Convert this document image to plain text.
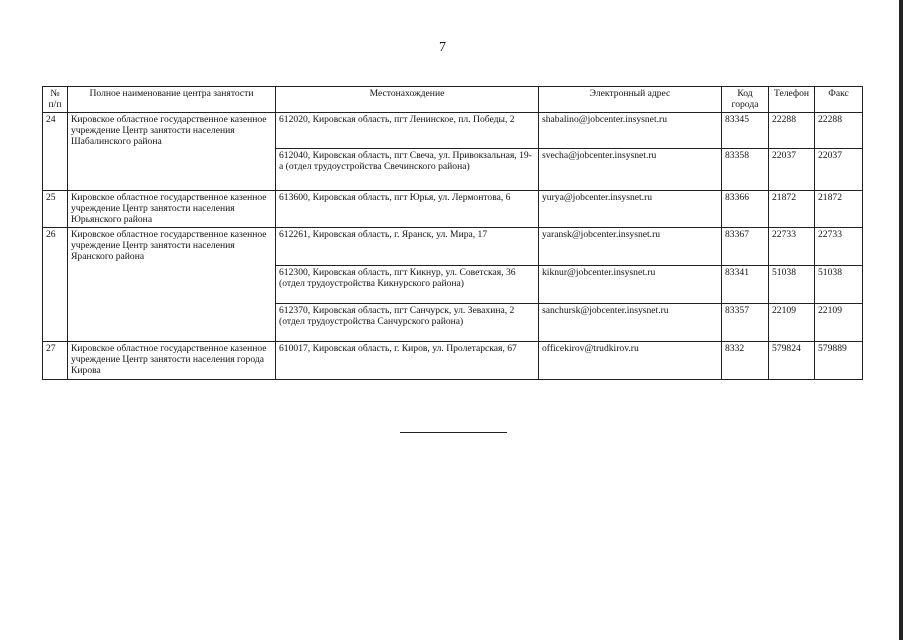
7
№ п/п	Полное наименование центра занятости	Местонахождение	Электронный адрес	Код города	Телефон	Факс
24	Кировское областное государственное казенное учреждение Центр занятости населения Шабалинского района	612020, Кировская область, пгт Ленинское, пл. Победы, 2	shabalino@jobcenter.insysnet.ru	83345	22288	22288
		612040, Кировская область, пгт Свеча, ул. Привокзальная, 19-а (отдел трудоустройства Свечинского района)	svecha@jobcenter.insysnet.ru	83358	22037	22037
25	Кировское областное государственное казенное учреждение Центр занятости населения Юрьянского района	613600, Кировская область, пгт Юрья, ул. Лермонтова, 6	yurya@jobcenter.insysnet.ru	83366	21872	21872
26	Кировское областное государственное казенное учреждение Центр занятости населения Яранского района	612261, Кировская область, г. Яранск, ул. Мира, 17	yaransk@jobcenter.insysnet.ru	83367	22733	22733
		612300, Кировская область, пгт Кикнур, ул. Советская, 36 (отдел трудоустройства Кикнурского района)	kiknur@jobcenter.insysnet.ru	83341	51038	51038
		612370, Кировская область, пгт Санчурск, ул. Зевахина, 2 (отдел трудоустройства Санчурского района)	sanchursk@jobcenter.insysnet.ru	83357	22109	22109
27	Кировское областное государственное казенное учреждение Центр занятости населения города Кирова	610017, Кировская область, г. Киров, ул. Пролетарская, 67	officekirov@trudkirov.ru	8332	579824	579889
